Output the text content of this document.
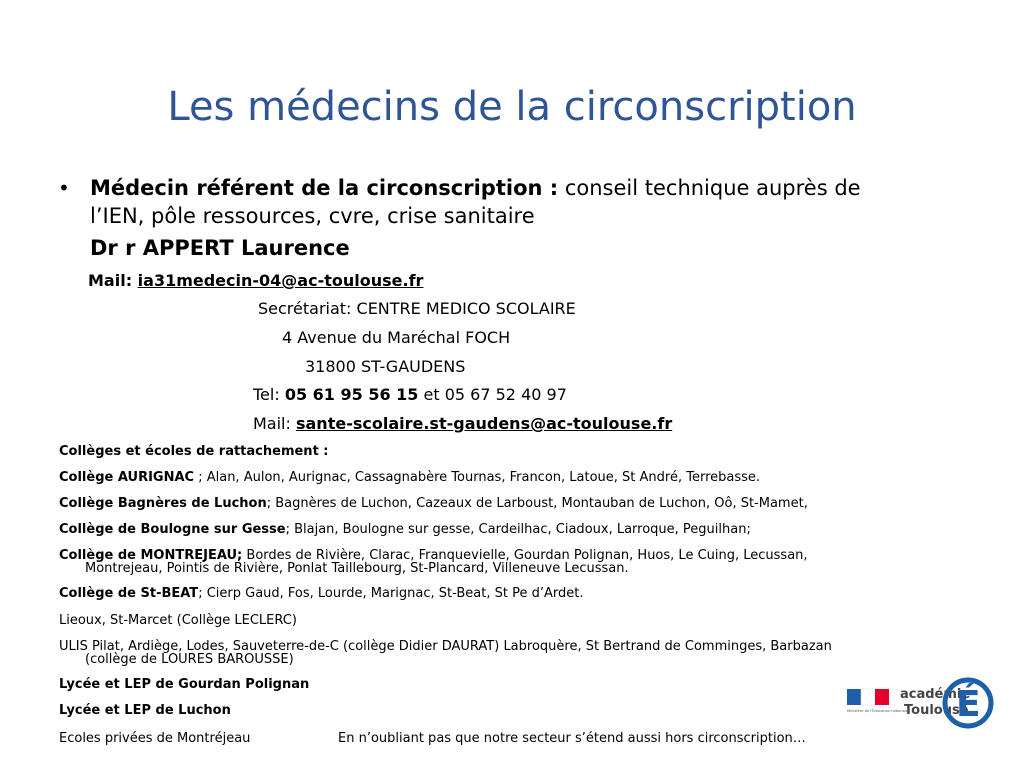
Les médecins de la circonscription
• Médecin référent de la circonscription : conseil technique auprès de
l’IEN, pôle ressources, cvre, crise sanitaire
Dr r APPERT Laurence
Mail: ia31medecin-04@ac-toulouse.fr
Secrétariat: CENTRE MEDICO SCOLAIRE
4 Avenue du Maréchal FOCH
31800 ST-GAUDENS
Tel: 05 61 95 56 15 et 05 67 52 40 97
Mail: sante-scolaire.st-gaudens@ac-toulouse.fr
Collèges et écoles de rattachement :
Collège AURIGNAC ; Alan, Aulon, Aurignac, Cassagnabère Tournas, Francon, Latoue, St André, Terrebasse.
Collège Bagnères de Luchon; Bagnères de Luchon, Cazeaux de Larboust, Montauban de Luchon, Oô, St-Mamet,
Collège de Boulogne sur Gesse; Blajan, Boulogne sur gesse, Cardeilhac, Ciadoux, Larroque, Peguilhan;
Collège de MONTREJEAU; Bordes de Rivière, Clarac, Franquevielle, Gourdan Polignan, Huos, Le Cuing, Lecussan,
Montrejeau, Pointis de Rivière, Ponlat Taillebourg, St-Plancard, Villeneuve Lecussan.
Collège de St-BEAT; Cierp Gaud, Fos, Lourde, Marignac, St-Beat, St Pe d’Ardet.
Lieoux, St-Marcet (Collège LECLERC)
ULIS Pilat, Ardiège, Lodes, Sauveterre-de-C (collège Didier DAURAT) Labroquère, St Bertrand de Comminges, Barbazan
(collège de LOURES BAROUSSE)
Lycée et LEP de Gourdan Polignan
Lycée et LEP de Luchon
Ecoles privées de Montréjeau	En n’oubliant pas que notre secteur s’étend aussi hors circonscription…
Ministère de l'Éducation nationale
académie
Toulouse
É
